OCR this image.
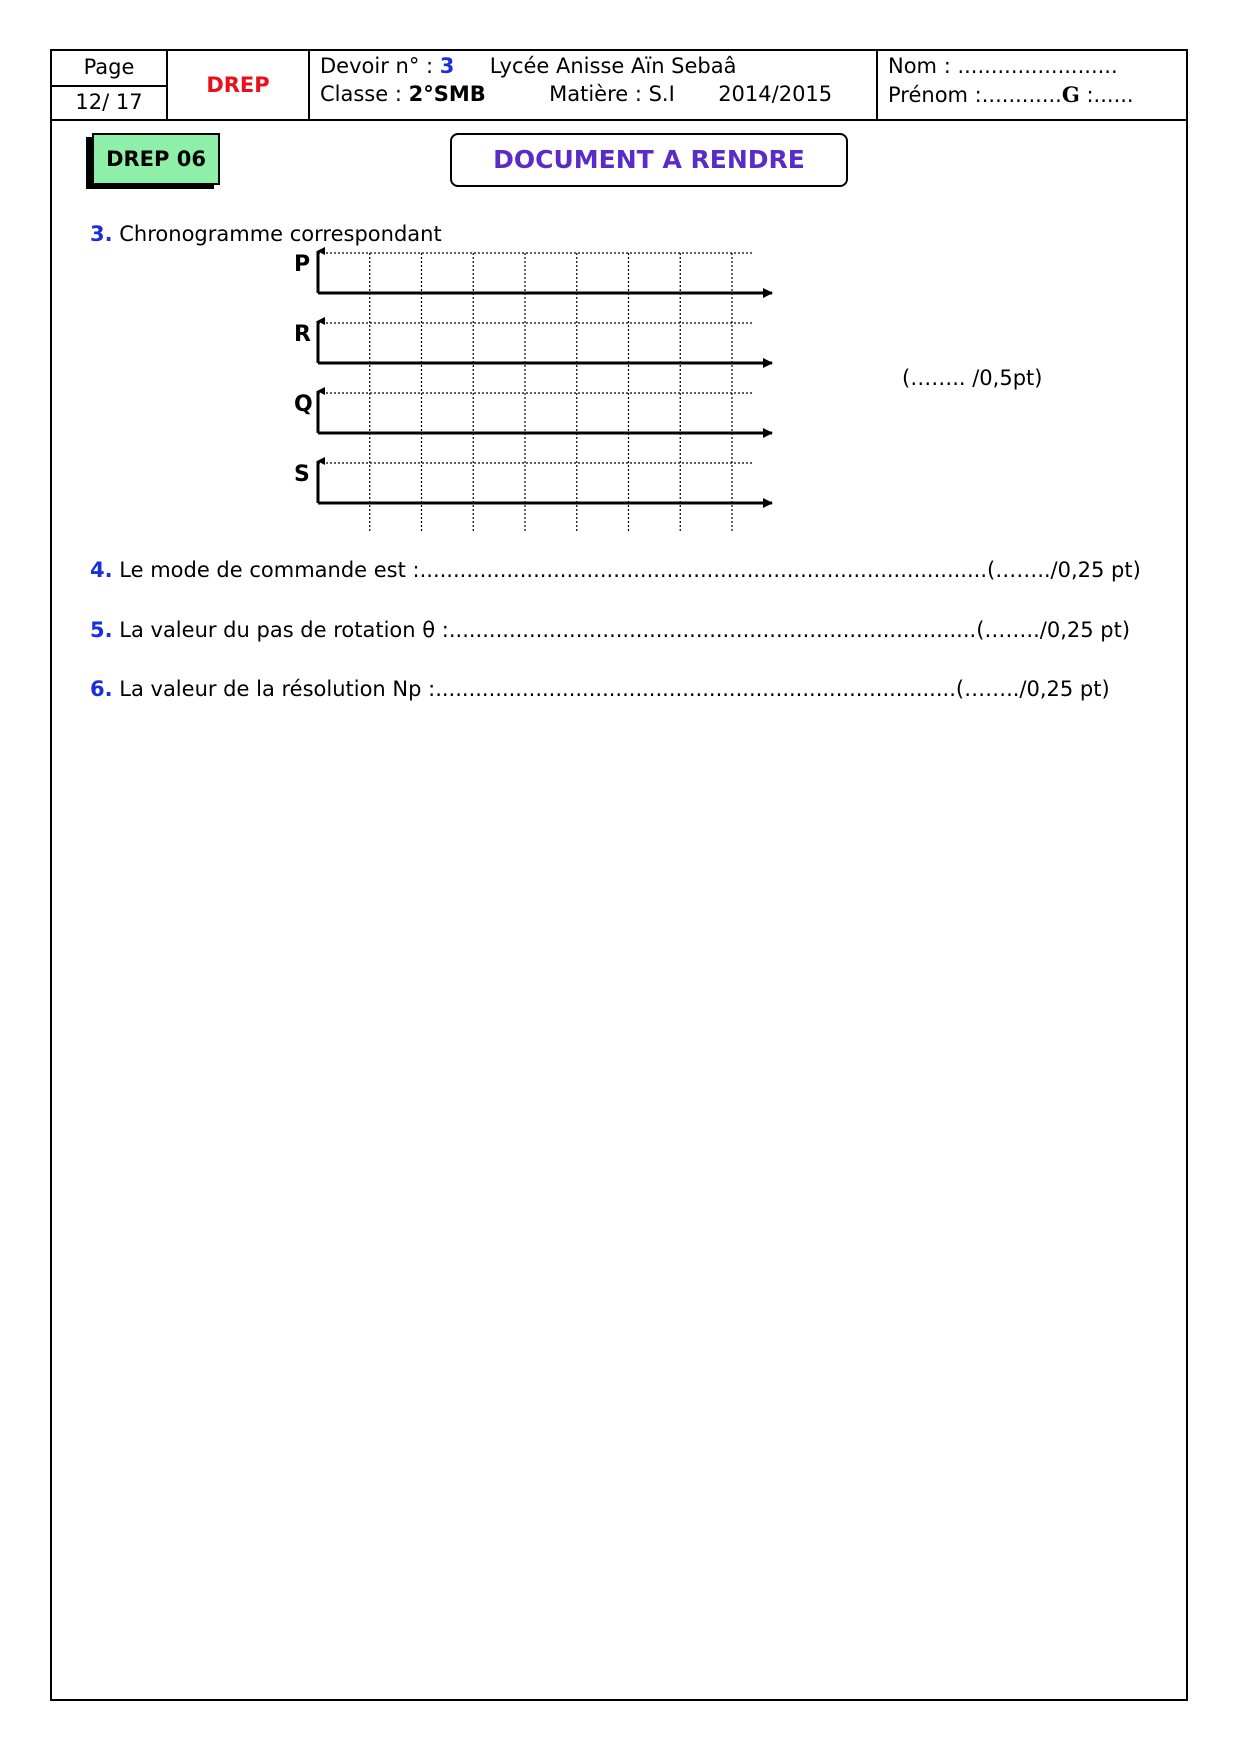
Page
12/ 17
DREP
Devoir n° : 3 Lycée Anisse Aïn Sebaâ
Classe : 2°SMB	Matière : S.I 2014/2015
Nom : ........................
Prénom :............G :......
DREP 06	DOCUMENT A RENDRE
3. Chronogramme correspondant
P
R
Q
S
(…….. /0,5pt)
4. Le mode de commande est :.....................................................................................(……../0,25 pt)
5. La valeur du pas de rotation θ :...............................................................................(……../0,25 pt)
6. La valeur de la résolution Np :..............................................................................(……../0,25 pt)
